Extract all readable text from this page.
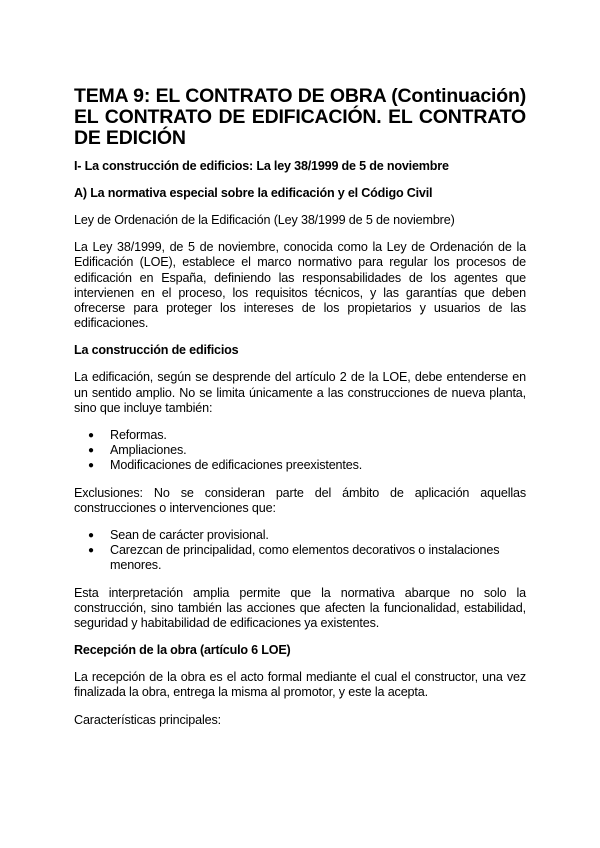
TEMA 9: EL CONTRATO DE OBRA (Continuación) EL CONTRATO DE EDIFICACIÓN. EL CONTRATO DE EDICIÓN
I- La construcción de edificios: La ley 38/1999 de 5 de noviembre
A) La normativa especial sobre la edificación y el Código Civil
Ley de Ordenación de la Edificación (Ley 38/1999 de 5 de noviembre)
La Ley 38/1999, de 5 de noviembre, conocida como la Ley de Ordenación de la Edificación (LOE), establece el marco normativo para regular los procesos de edificación en España, definiendo las responsabilidades de los agentes que intervienen en el proceso, los requisitos técnicos, y las garantías que deben ofrecerse para proteger los intereses de los propietarios y usuarios de las edificaciones.
La construcción de edificios
La edificación, según se desprende del artículo 2 de la LOE, debe entenderse en un sentido amplio. No se limita únicamente a las construcciones de nueva planta, sino que incluye también:
● Reformas.
● Ampliaciones.
● Modificaciones de edificaciones preexistentes.
Exclusiones: No se consideran parte del ámbito de aplicación aquellas construcciones o intervenciones que:
● Sean de carácter provisional.
● Carezcan de principalidad, como elementos decorativos o instalaciones menores.
Esta interpretación amplia permite que la normativa abarque no solo la construcción, sino también las acciones que afecten la funcionalidad, estabilidad, seguridad y habitabilidad de edificaciones ya existentes.
Recepción de la obra (artículo 6 LOE)
La recepción de la obra es el acto formal mediante el cual el constructor, una vez finalizada la obra, entrega la misma al promotor, y este la acepta.
Características principales:
